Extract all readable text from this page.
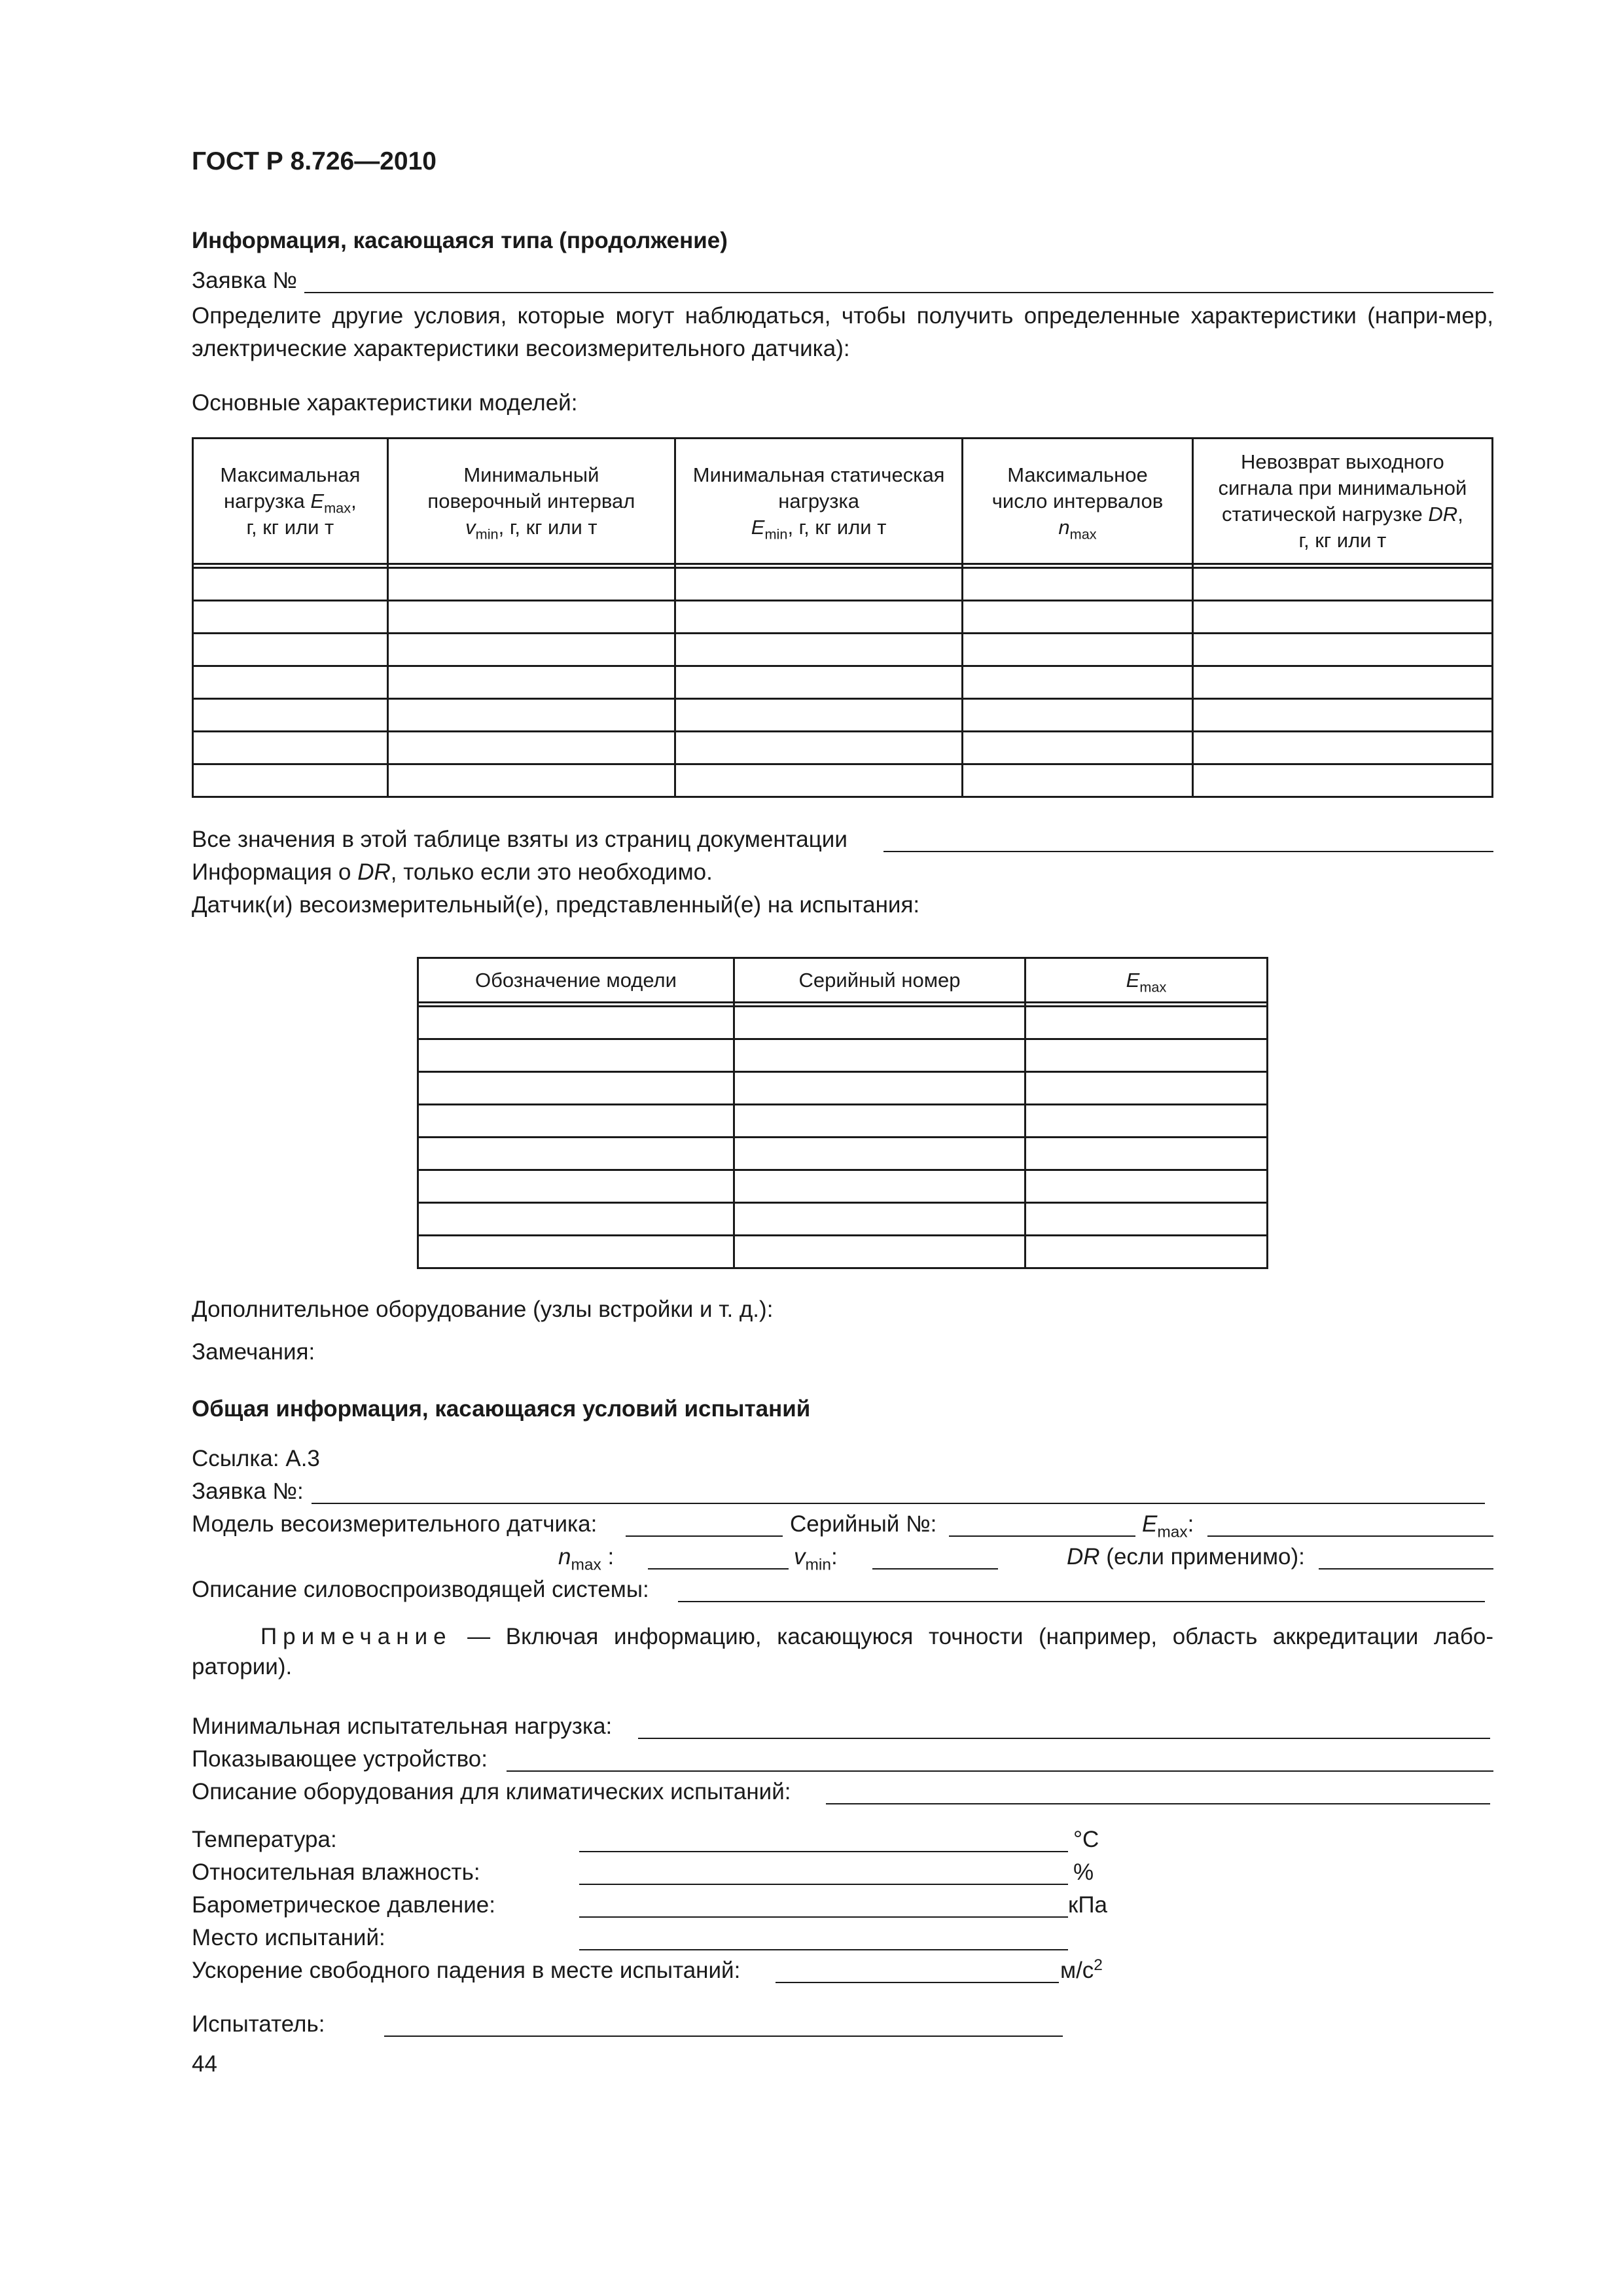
ГОСТ Р 8.726—2010
Информация, касающаяся типа (продолжение)
Заявка №
Определите другие условия, которые могут наблюдаться, чтобы получить определенные характеристики (напри-мер, электрические характеристики весоизмерительного датчика):
Основные характеристики моделей:
Максимальная
нагрузка $E_{max}$,
г, кг или т	Минимальный
поверочный интервал
$v_{min}$, г, кг или т	Минимальная статическая
нагрузка
$E_{min}$, г, кг или т	Максимальное
число интервалов
$n_{max}$	Невозврат выходного
сигнала при минимальной
статической нагрузке DR,
г, кг или т

Все значения в этой таблице взяты из страниц документации
Информация о DR, только если это необходимо.
Датчик(и) весоизмерительный(е), представленный(е) на испытания:
Обозначение модели	Серийный номер	$E_{max}$

Дополнительное оборудование (узлы встройки и т. д.):
Замечания:
Общая информация, касающаяся условий испытаний
Ссылка: А.3
Заявка №:
Модель весоизмерительного датчика:	Серийный №:	$E_{max}$:
$n_{max}$ :	$v_{min}$:	DR (если применимо):
Описание силовоспроизводящей системы:
Примечание — Включая информацию, касающуюся точности (например, область аккредитации лабо-ратории).
Минимальная испытательная нагрузка:
Показывающее устройство:
Описание оборудования для климатических испытаний:
Температура:	°С
Относительная влажность:	%
Барометрическое давление:	кПа
Место испытаний:
Ускорение свободного падения в месте испытаний:	$м/с^2$
Испытатель:
44
